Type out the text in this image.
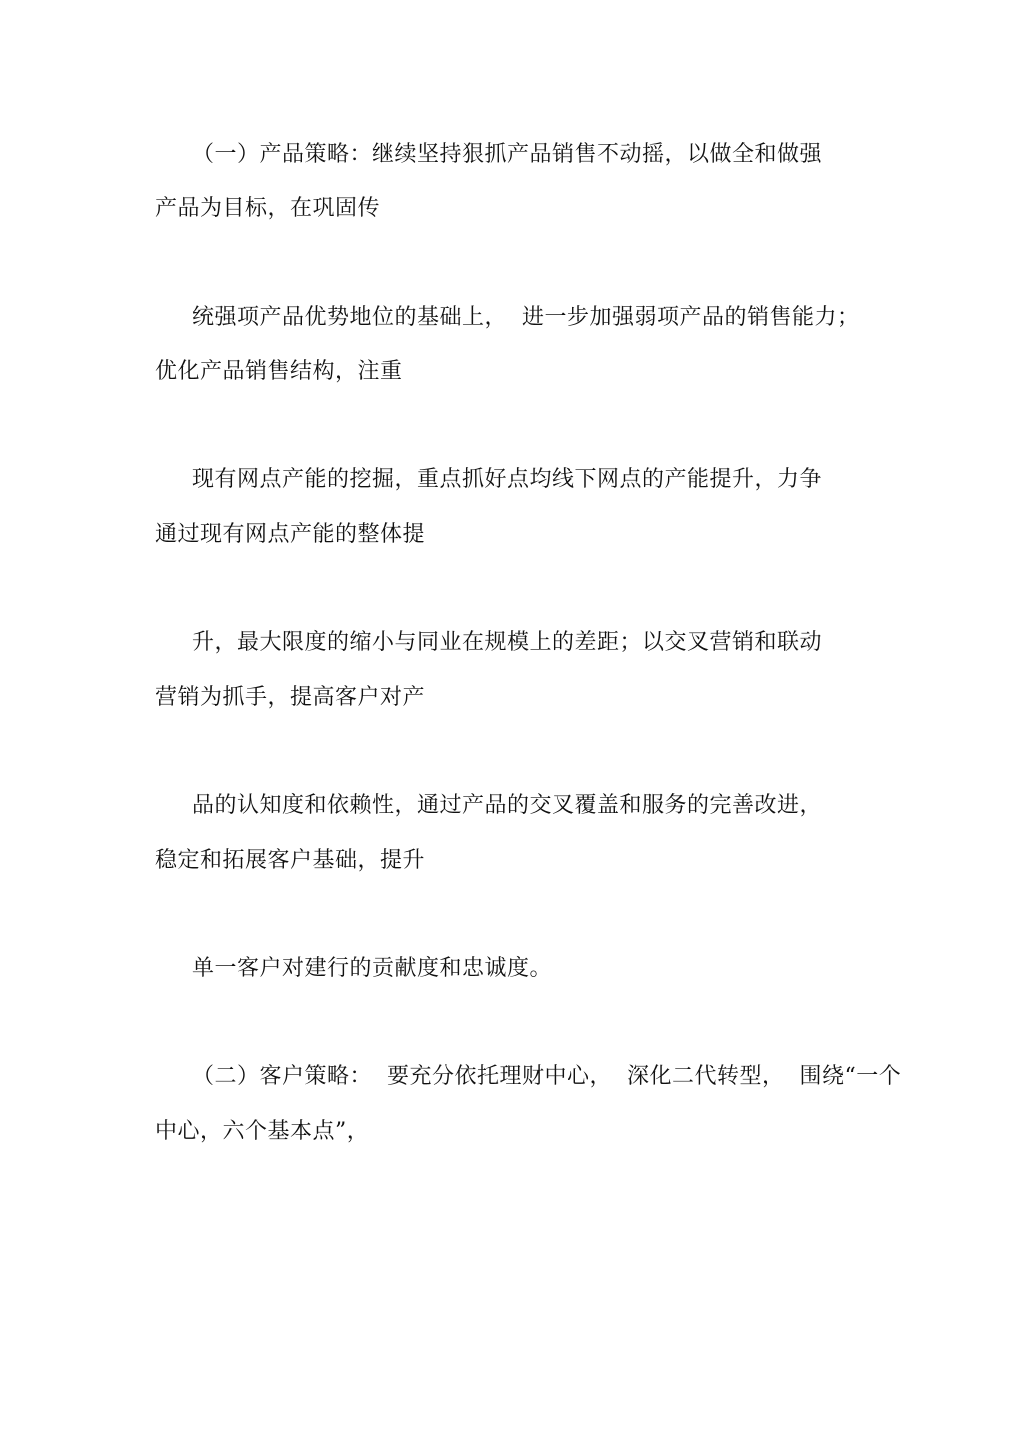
（一）产品策略：继续坚持狠抓产品销售不动摇，以做全和做强

产品为目标，在巩固传

统强项产品优势地位的基础上，  进一步加强弱项产品的销售能力；

优化产品销售结构，注重

现有网点产能的挖掘，重点抓好点均线下网点的产能提升，力争

通过现有网点产能的整体提

升，最大限度的缩小与同业在规模上的差距；以交叉营销和联动

营销为抓手，提高客户对产

品的认知度和依赖性，通过产品的交叉覆盖和服务的完善改进，

稳定和拓展客户基础，提升

单一客户对建行的贡献度和忠诚度。

（二）客户策略：  要充分依托理财中心，  深化二代转型，  围绕“一个

中心，六个基本点”，
